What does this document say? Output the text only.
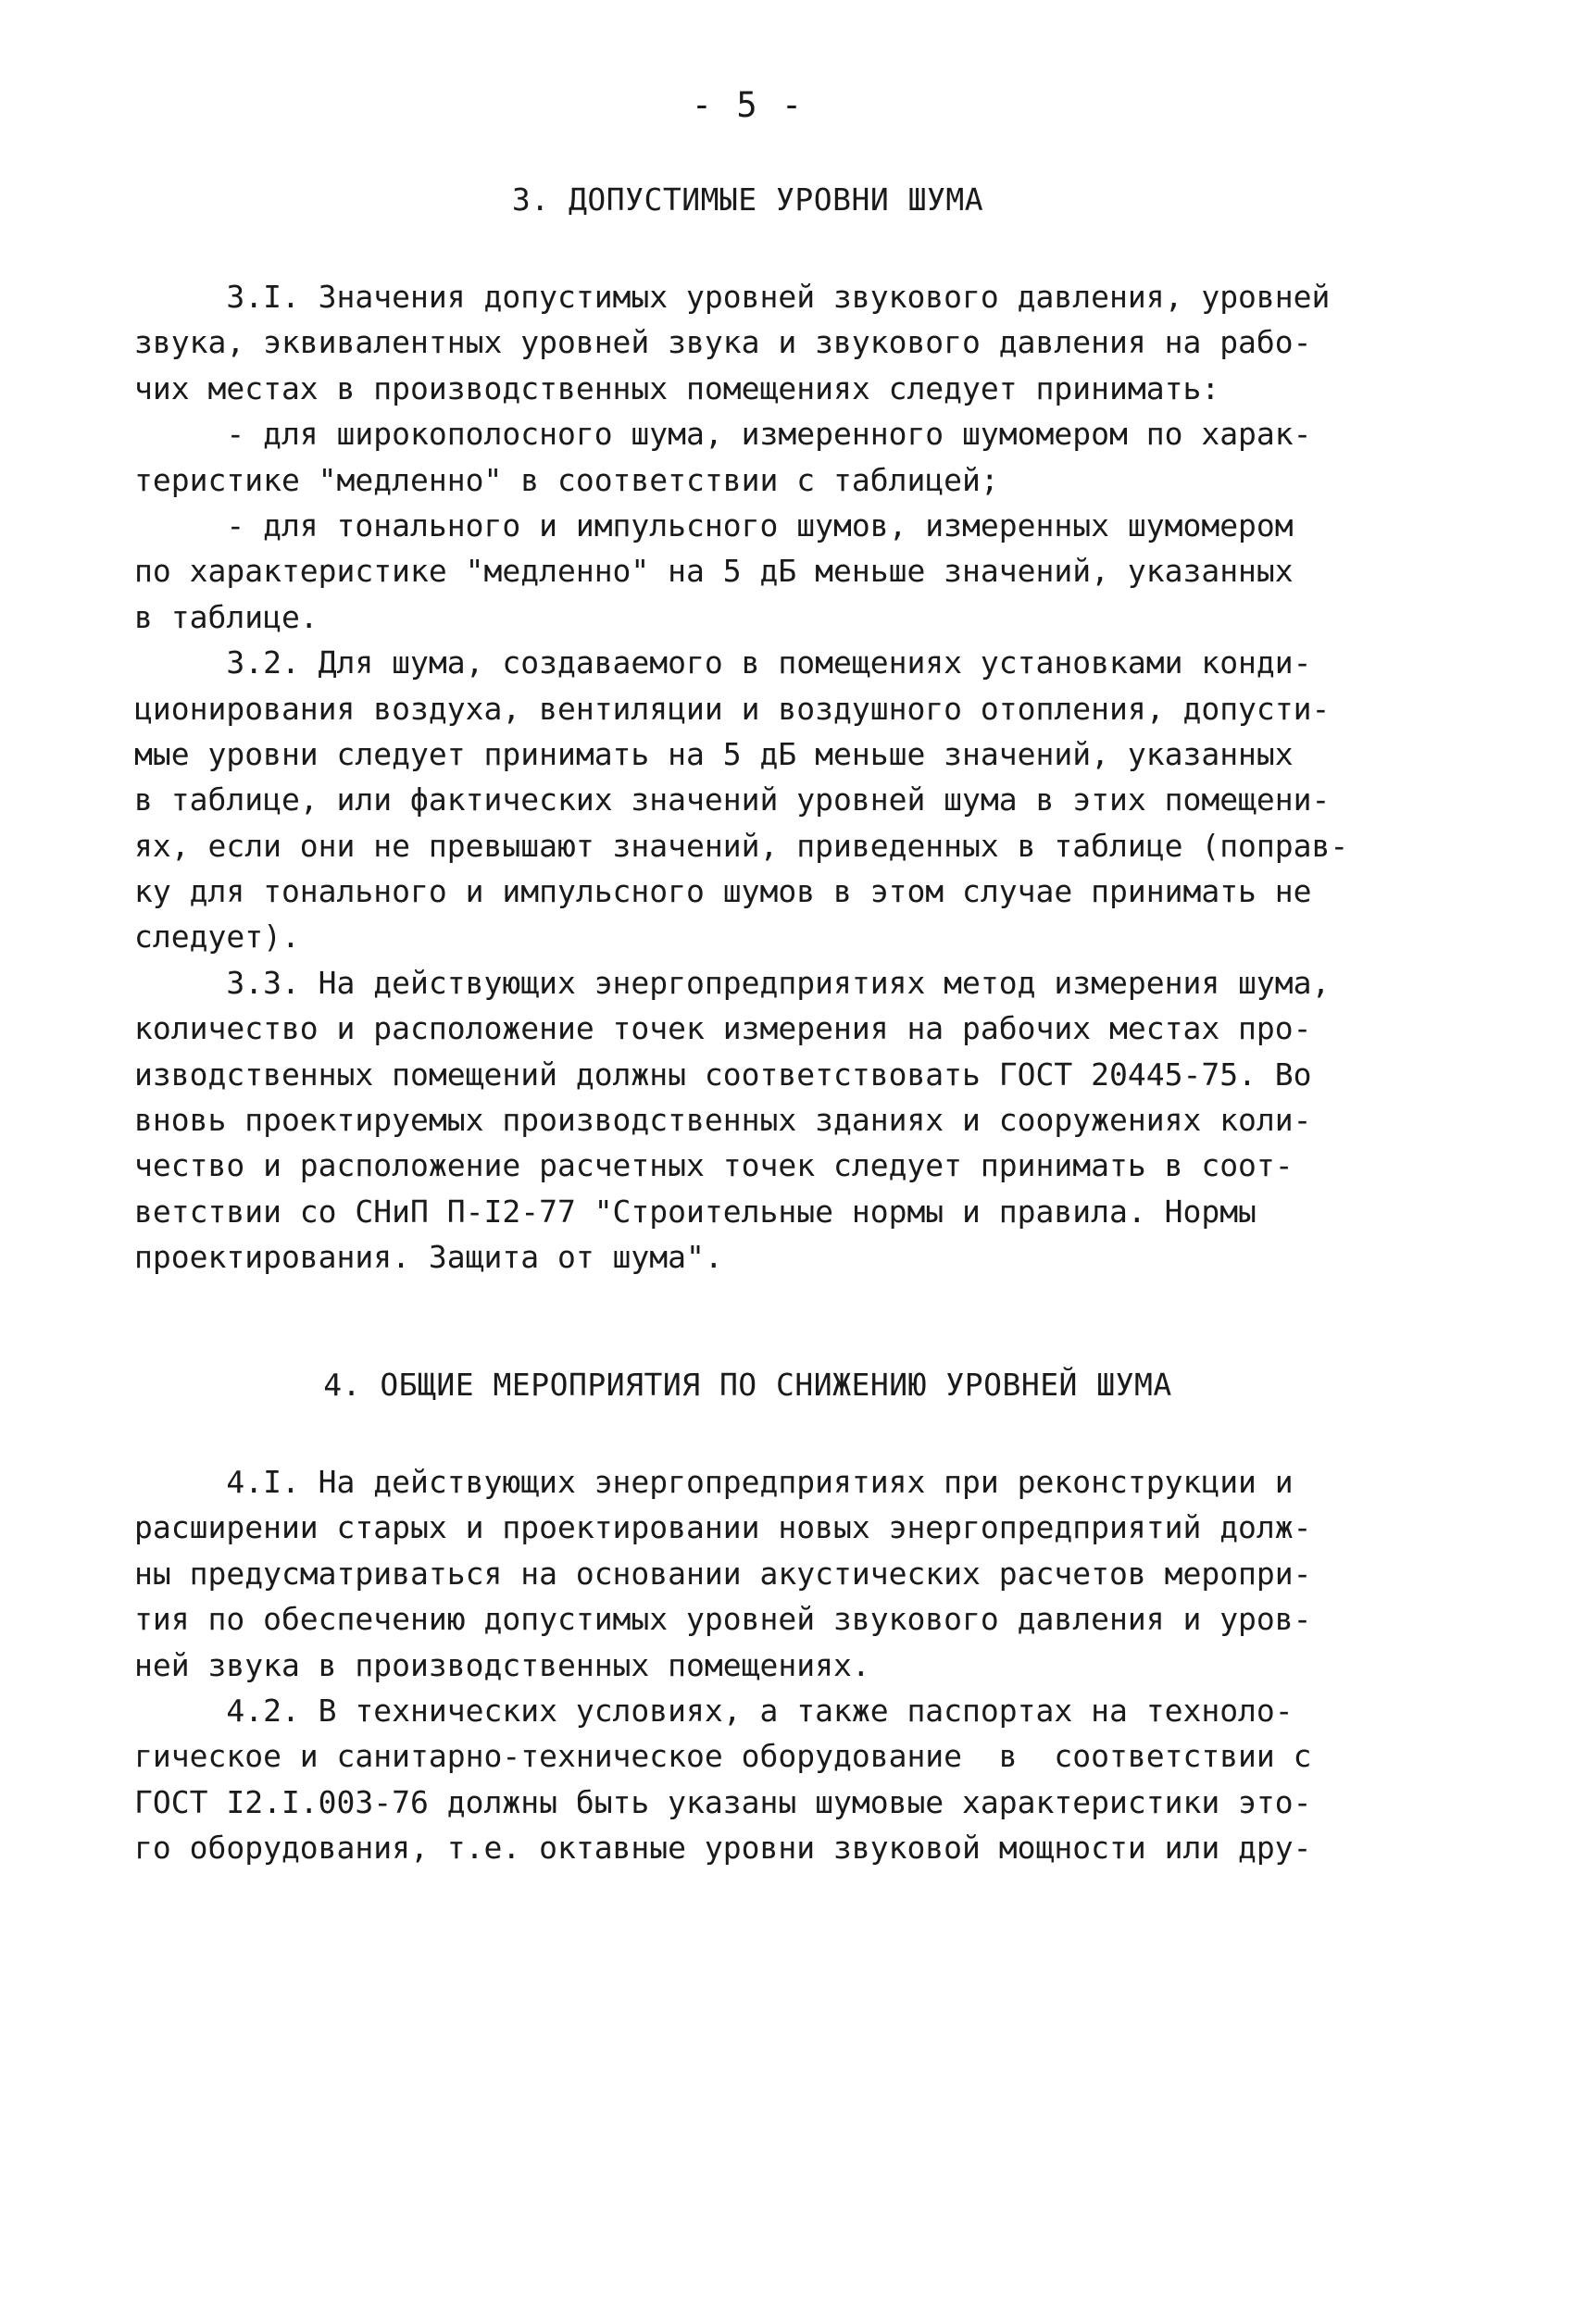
- 5 -
3. ДОПУСТИМЫЕ УРОВНИ ШУМА
3.I. Значения допустимых уровней звукового давления, уровней
звука, эквивалентных уровней звука и звукового давления на рабо-
чих местах в производственных помещениях следует принимать:
- для широкополосного шума, измеренного шумомером по харак-
теристике "медленно" в соответствии с таблицей;
- для тонального и импульсного шумов, измеренных шумомером
по характеристике "медленно" на 5 дБ меньше значений, указанных
в таблице.
3.2. Для шума, создаваемого в помещениях установками конди-
ционирования воздуха, вентиляции и воздушного отопления, допусти-
мые уровни следует принимать на 5 дБ меньше значений, указанных
в таблице, или фактических значений уровней шума в этих помещени-
ях, если они не превышают значений, приведенных в таблице (поправ-
ку для тонального и импульсного шумов в этом случае принимать не
следует).
3.3. На действующих энергопредприятиях метод измерения шума,
количество и расположение точек измерения на рабочих местах про-
изводственных помещений должны соответствовать ГОСТ 20445-75. Во
вновь проектируемых производственных зданиях и сооружениях коли-
чество и расположение расчетных точек следует принимать в соот-
ветствии со СНиП П-I2-77 "Строительные нормы и правила. Нормы
проектирования. Защита от шума".
4. ОБЩИЕ МЕРОПРИЯТИЯ ПО СНИЖЕНИЮ УРОВНЕЙ ШУМА
4.I. На действующих энергопредприятиях при реконструкции и
расширении старых и проектировании новых энергопредприятий долж-
ны предусматриваться на основании акустических расчетов меропри-
тия по обеспечению допустимых уровней звукового давления и уров-
ней звука в производственных помещениях.
4.2. В технических условиях, а также паспортах на техноло-
гическое и санитарно-техническое оборудование  в  соответствии с
ГОСТ I2.I.003-76 должны быть указаны шумовые характеристики это-
го оборудования, т.е. октавные уровни звуковой мощности или дру-
